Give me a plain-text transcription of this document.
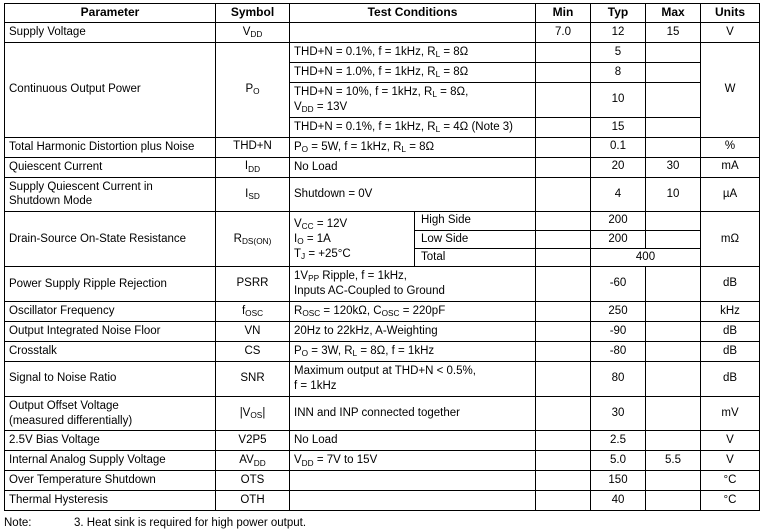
Parameter	Symbol	Test Conditions		Min	Typ	Max	Units
Supply Voltage	$V_{DD}$			7.0	12	15	V
Continuous Output Power	$P_O$	THD+N = 0.1%, f = 1kHz, $R_L = 8\Omega$			5		W
		THD+N = 1.0%, f = 1kHz, $R_L = 8\Omega$			8		
		THD+N = 10%, f = 1kHz, $R_L = 8\Omega$,
$V_{DD} = 13V$			10		
		THD+N = 0.1%, f = 1kHz, $R_L = 4\Omega$ (Note 3)			15		
Total Harmonic Distortion plus Noise	THD+N	$P_O = 5W$, f = 1kHz, $R_L = 8\Omega$			0.1		%
Quiescent Current	$I_{DD}$	No Load			20	30	mA
Supply Quiescent Current in
Shutdown Mode	$I_{SD}$	Shutdown = 0V			4	10	µA
Drain-Source On-State Resistance	$R_{DS(ON)}$	$V_{CC} = 12V$
$I_O = 1A$
$T_J = +25^\circ C$	High Side		200		mΩ
			Low Side		200		
			Total		400		
Power Supply Ripple Rejection	PSRR	$1V_{PP}$ Ripple, f = 1kHz,
Inputs AC-Coupled to Ground			-60		dB
Oscillator Frequency	$f_{OSC}$	$R_{OSC} = 120k\Omega$, $C_{OSC} = 220pF$			250		kHz
Output Integrated Noise Floor	VN	20Hz to 22kHz, A-Weighting			-90		dB
Crosstalk	CS	$P_O = 3W$, $R_L = 8\Omega$, f = 1kHz			-80		dB
Signal to Noise Ratio	SNR	Maximum output at THD+N < 0.5%,
f = 1kHz			80		dB
Output Offset Voltage
(measured differentially)	$|V_{OS}|$	INN and INP connected together			30		mV
2.5V Bias Voltage	V2P5	No Load			2.5		V
Internal Analog Supply Voltage	$AV_{DD}$	$V_{DD} = 7V$ to 15V			5.0	5.5	V
Over Temperature Shutdown	OTS				150		°C
Thermal Hysteresis	OTH				40		°C
Note:	3. Heat sink is required for high power output.
